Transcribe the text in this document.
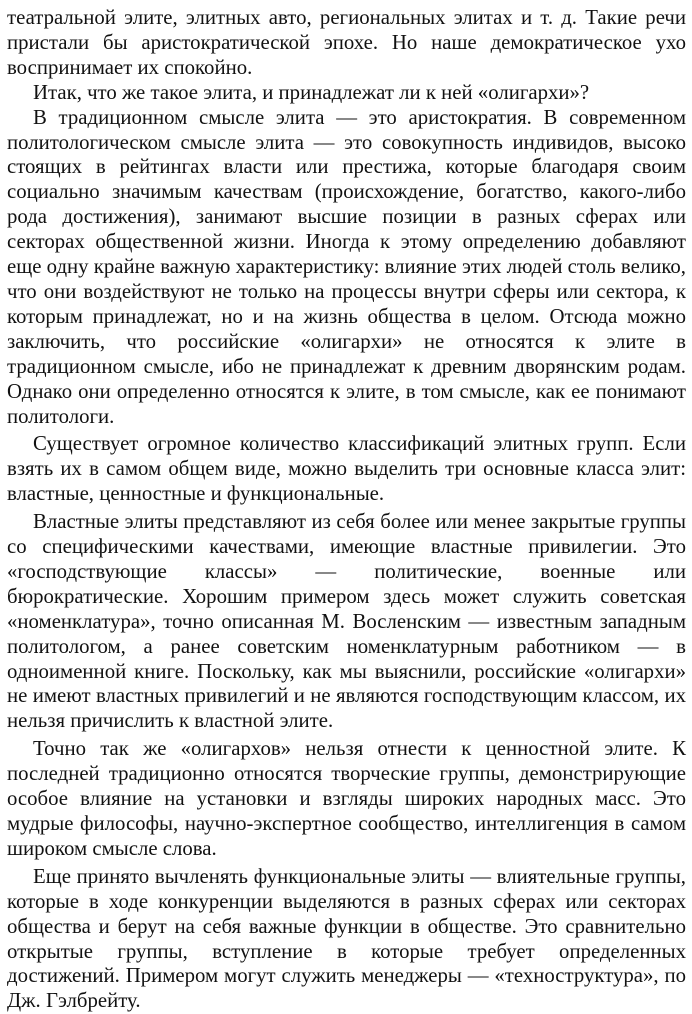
театральной элите, элитных авто, региональных элитах и т. д. Такие речи пристали бы аристократической эпохе. Но наше демократическое ухо воспринимает их спокойно.

Итак, что же такое элита, и принадлежат ли к ней «олигархи»?

В традиционном смысле элита — это аристократия. В современном политологическом смысле элита — это совокупность индивидов, высоко стоящих в рейтингах власти или престижа, которые благодаря своим социально значимым качествам (происхождение, богатство, какого-либо рода достижения), занимают высшие позиции в разных сферах или секторах общественной жизни. Иногда к этому определению добавляют еще одну крайне важную характеристику: влияние этих людей столь велико, что они воздействуют не только на процессы внутри сферы или сектора, к которым принадлежат, но и на жизнь общества в целом. Отсюда можно заключить, что российские «олигархи» не относятся к элите в традиционном смысле, ибо не принадлежат к древним дворянским родам. Однако они определенно относятся к элите, в том смысле, как ее понимают политологи.

Существует огромное количество классификаций элитных групп. Если взять их в самом общем виде, можно выделить три основные класса элит: властные, ценностные и функциональные.

Властные элиты представляют из себя более или менее закрытые группы со специфическими качествами, имеющие властные привилегии. Это «господствующие классы» — политические, военные или бюрократические. Хорошим примером здесь может служить советская «номенклатура», точно описанная М. Восленским — известным западным политологом, а ранее советским номенклатурным работником — в одноименной книге. Поскольку, как мы выяснили, российские «олигархи» не имеют властных привилегий и не являются господствующим классом, их нельзя причислить к властной элите.

Точно так же «олигархов» нельзя отнести к ценностной элите. К последней традиционно относятся творческие группы, демонстрирующие особое влияние на установки и взгляды широких народных масс. Это мудрые философы, научно-экспертное сообщество, интеллигенция в самом широком смысле слова.

Еще принято вычленять функциональные элиты — влиятельные группы, которые в ходе конкуренции выделяются в разных сферах или секторах общества и берут на себя важные функции в обществе. Это сравнительно открытые группы, вступление в которые требует определенных достижений. Примером могут служить менеджеры — «техноструктура», по Дж. Гэлбрейту.
